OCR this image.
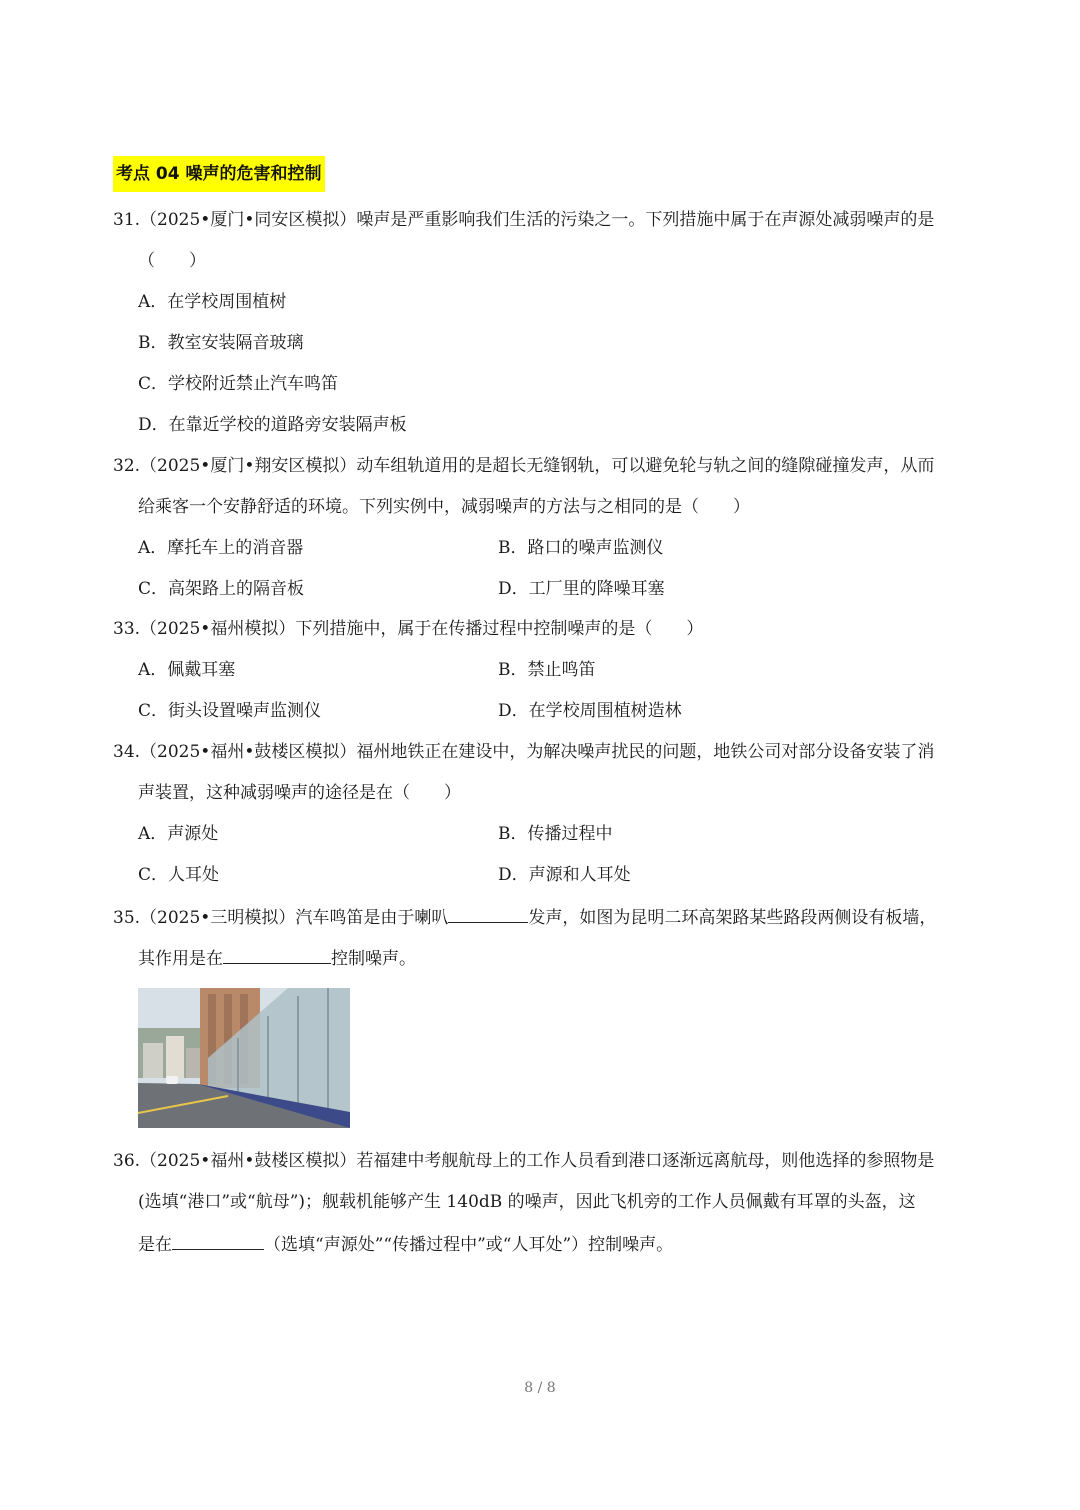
考点 04 噪声的危害和控制
31.（2025•厦门•同安区模拟）噪声是严重影响我们生活的污染之一。下列措施中属于在声源处减弱噪声的是
（　　）
A．在学校周围植树
B．教室安装隔音玻璃
C．学校附近禁止汽车鸣笛
D．在靠近学校的道路旁安装隔声板
32.（2025•厦门•翔安区模拟）动车组轨道用的是超长无缝钢轨，可以避免轮与轨之间的缝隙碰撞发声，从而
给乘客一个安静舒适的环境。下列实例中，减弱噪声的方法与之相同的是（　　）
A．摩托车上的消音器	B．路口的噪声监测仪
C．高架路上的隔音板	D．工厂里的降噪耳塞
33.（2025•福州模拟）下列措施中，属于在传播过程中控制噪声的是（　　）
A．佩戴耳塞	B．禁止鸣笛
C．街头设置噪声监测仪	D．在学校周围植树造林
34.（2025•福州•鼓楼区模拟）福州地铁正在建设中，为解决噪声扰民的问题，地铁公司对部分设备安装了消
声装置，这种减弱噪声的途径是在（　　）
A．声源处	B．传播过程中
C．人耳处	D．声源和人耳处
35.（2025•三明模拟）汽车鸣笛是由于喇叭	发声，如图为昆明二环高架路某些路段两侧设有板墙，
其作用是在	控制噪声。
36.（2025•福州•鼓楼区模拟）若福建中考舰航母上的工作人员看到港口逐渐远离航母，则他选择的参照物是
(选填“港口”或“航母”)；舰载机能够产生 140dB 的噪声，因此飞机旁的工作人员佩戴有耳罩的头盔，这
是在	（选填“声源处”“传播过程中”或“人耳处”）控制噪声。
8 / 8
